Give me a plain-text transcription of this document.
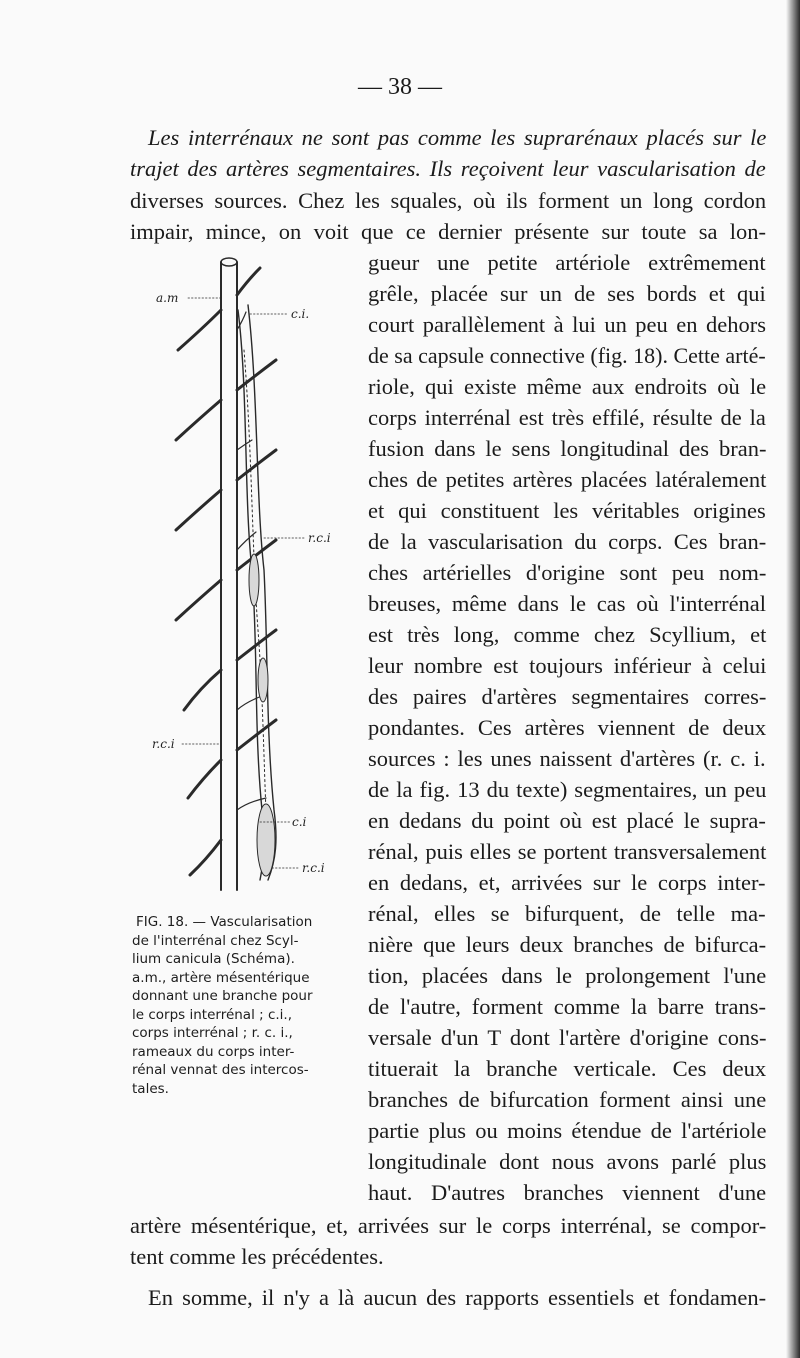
— 38 —
Les interrénaux ne sont pas comme les suprarénaux placés sur le
trajet des artères segmentaires. Ils reçoivent leur vascularisation de
diverses sources. Chez les squales, où ils forment un long cordon
impair, mince, on voit que ce dernier présente sur toute sa lon-
gueur une petite artériole extrêmement
grêle, placée sur un de ses bords et qui
court parallèlement à lui un peu en dehors
de sa capsule connective (fig. 18). Cette arté-
riole, qui existe même aux endroits où le
corps interrénal est très effilé, résulte de la
fusion dans le sens longitudinal des bran-
ches de petites artères placées latéralement
et qui constituent les véritables origines
de la vascularisation du corps. Ces bran-
ches artérielles d'origine sont peu nom-
breuses, même dans le cas où l'interrénal
est très long, comme chez Scyllium, et
leur nombre est toujours inférieur à celui
des paires d'artères segmentaires corres-
pondantes. Ces artères viennent de deux
sources : les unes naissent d'artères (r. c. i.
de la fig. 13 du texte) segmentaires, un peu
en dedans du point où est placé le supra-
rénal, puis elles se portent transversalement
en dedans, et, arrivées sur le corps inter-
rénal, elles se bifurquent, de telle ma-
nière que leurs deux branches de bifurca-
tion, placées dans le prolongement l'une
de l'autre, forment comme la barre trans-
versale d'un T dont l'artère d'origine cons-
tituerait la branche verticale. Ces deux
branches de bifurcation forment ainsi une
partie plus ou moins étendue de l'artériole
longitudinale dont nous avons parlé plus
haut. D'autres branches viennent d'une
artère mésentérique, et, arrivées sur le corps interrénal, se compor-
tent comme les précédentes.
En somme, il n'y a là aucun des rapports essentiels et fondamen-
a.m
c.i.
r.c.i
r.c.i
c.i
r.c.i
FIG. 18. — Vascularisation
de l'interrénal chez Scyl-
lium canicula (Schéma).
a.m., artère mésentérique
donnant une branche pour
le corps interrénal ; c.i.,
corps interrénal ; r. c. i.,
rameaux du corps inter-
rénal vennat des intercos-
tales.
